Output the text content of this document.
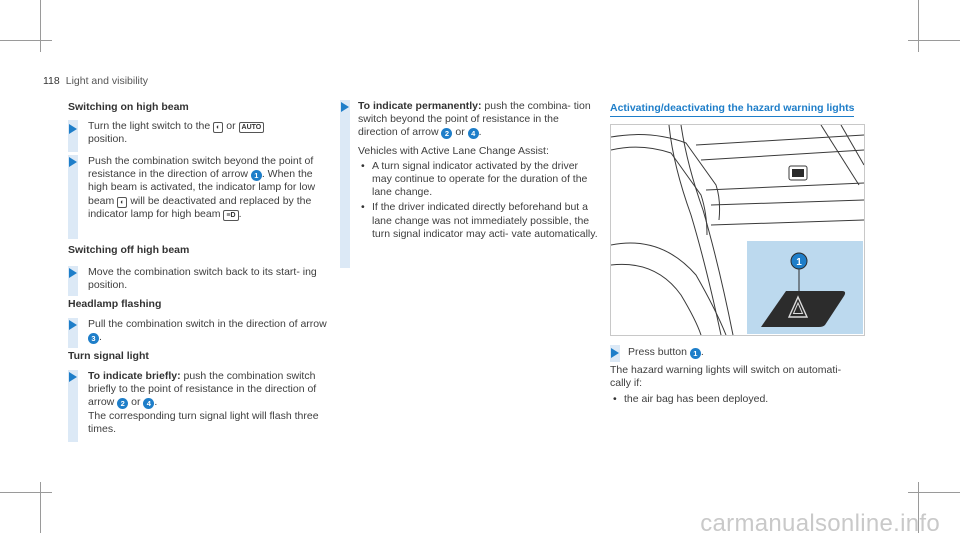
118 Light and visibility
Switching on high beam

Turn the light switch to the ◐ or AUTO

position.

Push the combination switch beyond the point of resistance in the direction of arrow 1 . When the high beam is activated, the indicator lamp for low beam ◐ will be deactivated and replaced by the indicator lamp for high beam ≡D .

Switching off high beam
Move the combination switch back to its start- ing position.
Headlamp flashing

Pull the combination switch in the direction of arrow 3 .

Turn signal light

To indicate briefly: push the combination switch briefly to the point of resistance in the direction of arrow 2 or 4 .

The corresponding turn signal light will flash three times.

To indicate permanently: push the combina- tion switch beyond the point of resistance in the direction of arrow 2 or 4 .

Vehicles with Active Lane Change Assist:

• A turn signal indicator activated by the driver may continue to operate for the duration of the lane change.
• If the driver indicated directly beforehand but a lane change was not immediately possible, the turn signal indicator may acti- vate automatically.
Activating/deactivating the hazard warning lights
1

Press button 1 .

The hazard warning lights will switch on automati- cally if:

• the air bag has been deployed.
carmanualsonline.info
